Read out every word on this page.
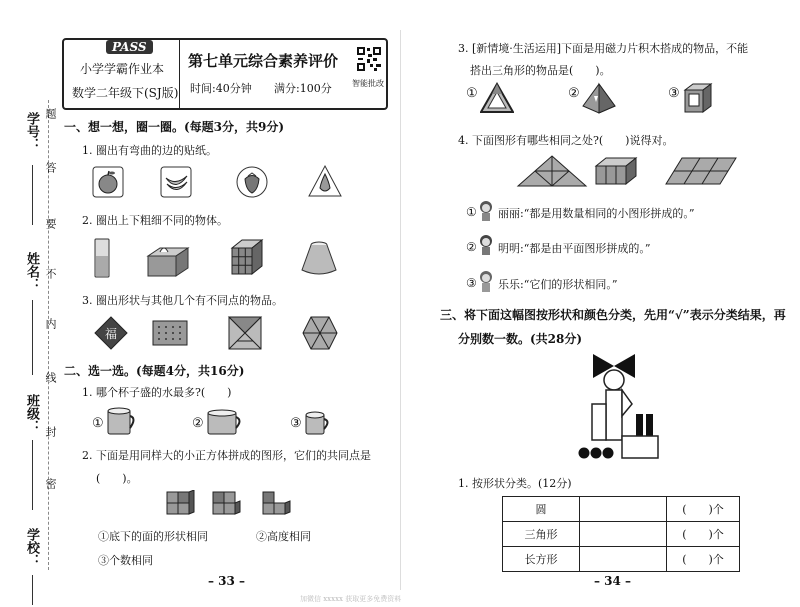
学号：
姓名：
班级：
学校：
题
答
要
不
内
线
封
密
PASS
小学学霸作业本
数学二年级下(SJ版)
第七单元综合素养评价
时间:40分钟 满分:100分	智能批改
一、想一想，圈一圈。(每题3分，共9分)
1. 圈出有弯曲的边的贴纸。
2. 圈出上下粗细不同的物体。
3. 圈出形状与其他几个有不同点的物品。
福
二、选一选。(每题4分，共16分)
1. 哪个杯子盛的水最多?(　　)
①	②	③
2. 下面是用同样大的小正方体拼成的图形，它们的共同点是
(　　)。
①底下的面的形状相同	②高度相同
③个数相同
– 33 –
3. [新情境·生活运用]下面是用磁力片积木搭成的物品，不能
搭出三角形的物品是(　　)。
①	②	③
4. 下面图形有哪些相同之处?(　　)说得对。
① 丽丽:“都是用数量相同的小图形拼成的。”
② 明明:“都是由平面图形拼成的。”
③ 乐乐:“它们的形状相同。”
三、将下面这幅图按形状和颜色分类，先用“√”表示分类结果，再
分别数一数。(共28分)
1. 按形状分类。(12分)
圆		(　　)个
三角形		(　　)个
长方形		(　　)个
– 34 –
加微信 xxxxx 获取更多免费资料
